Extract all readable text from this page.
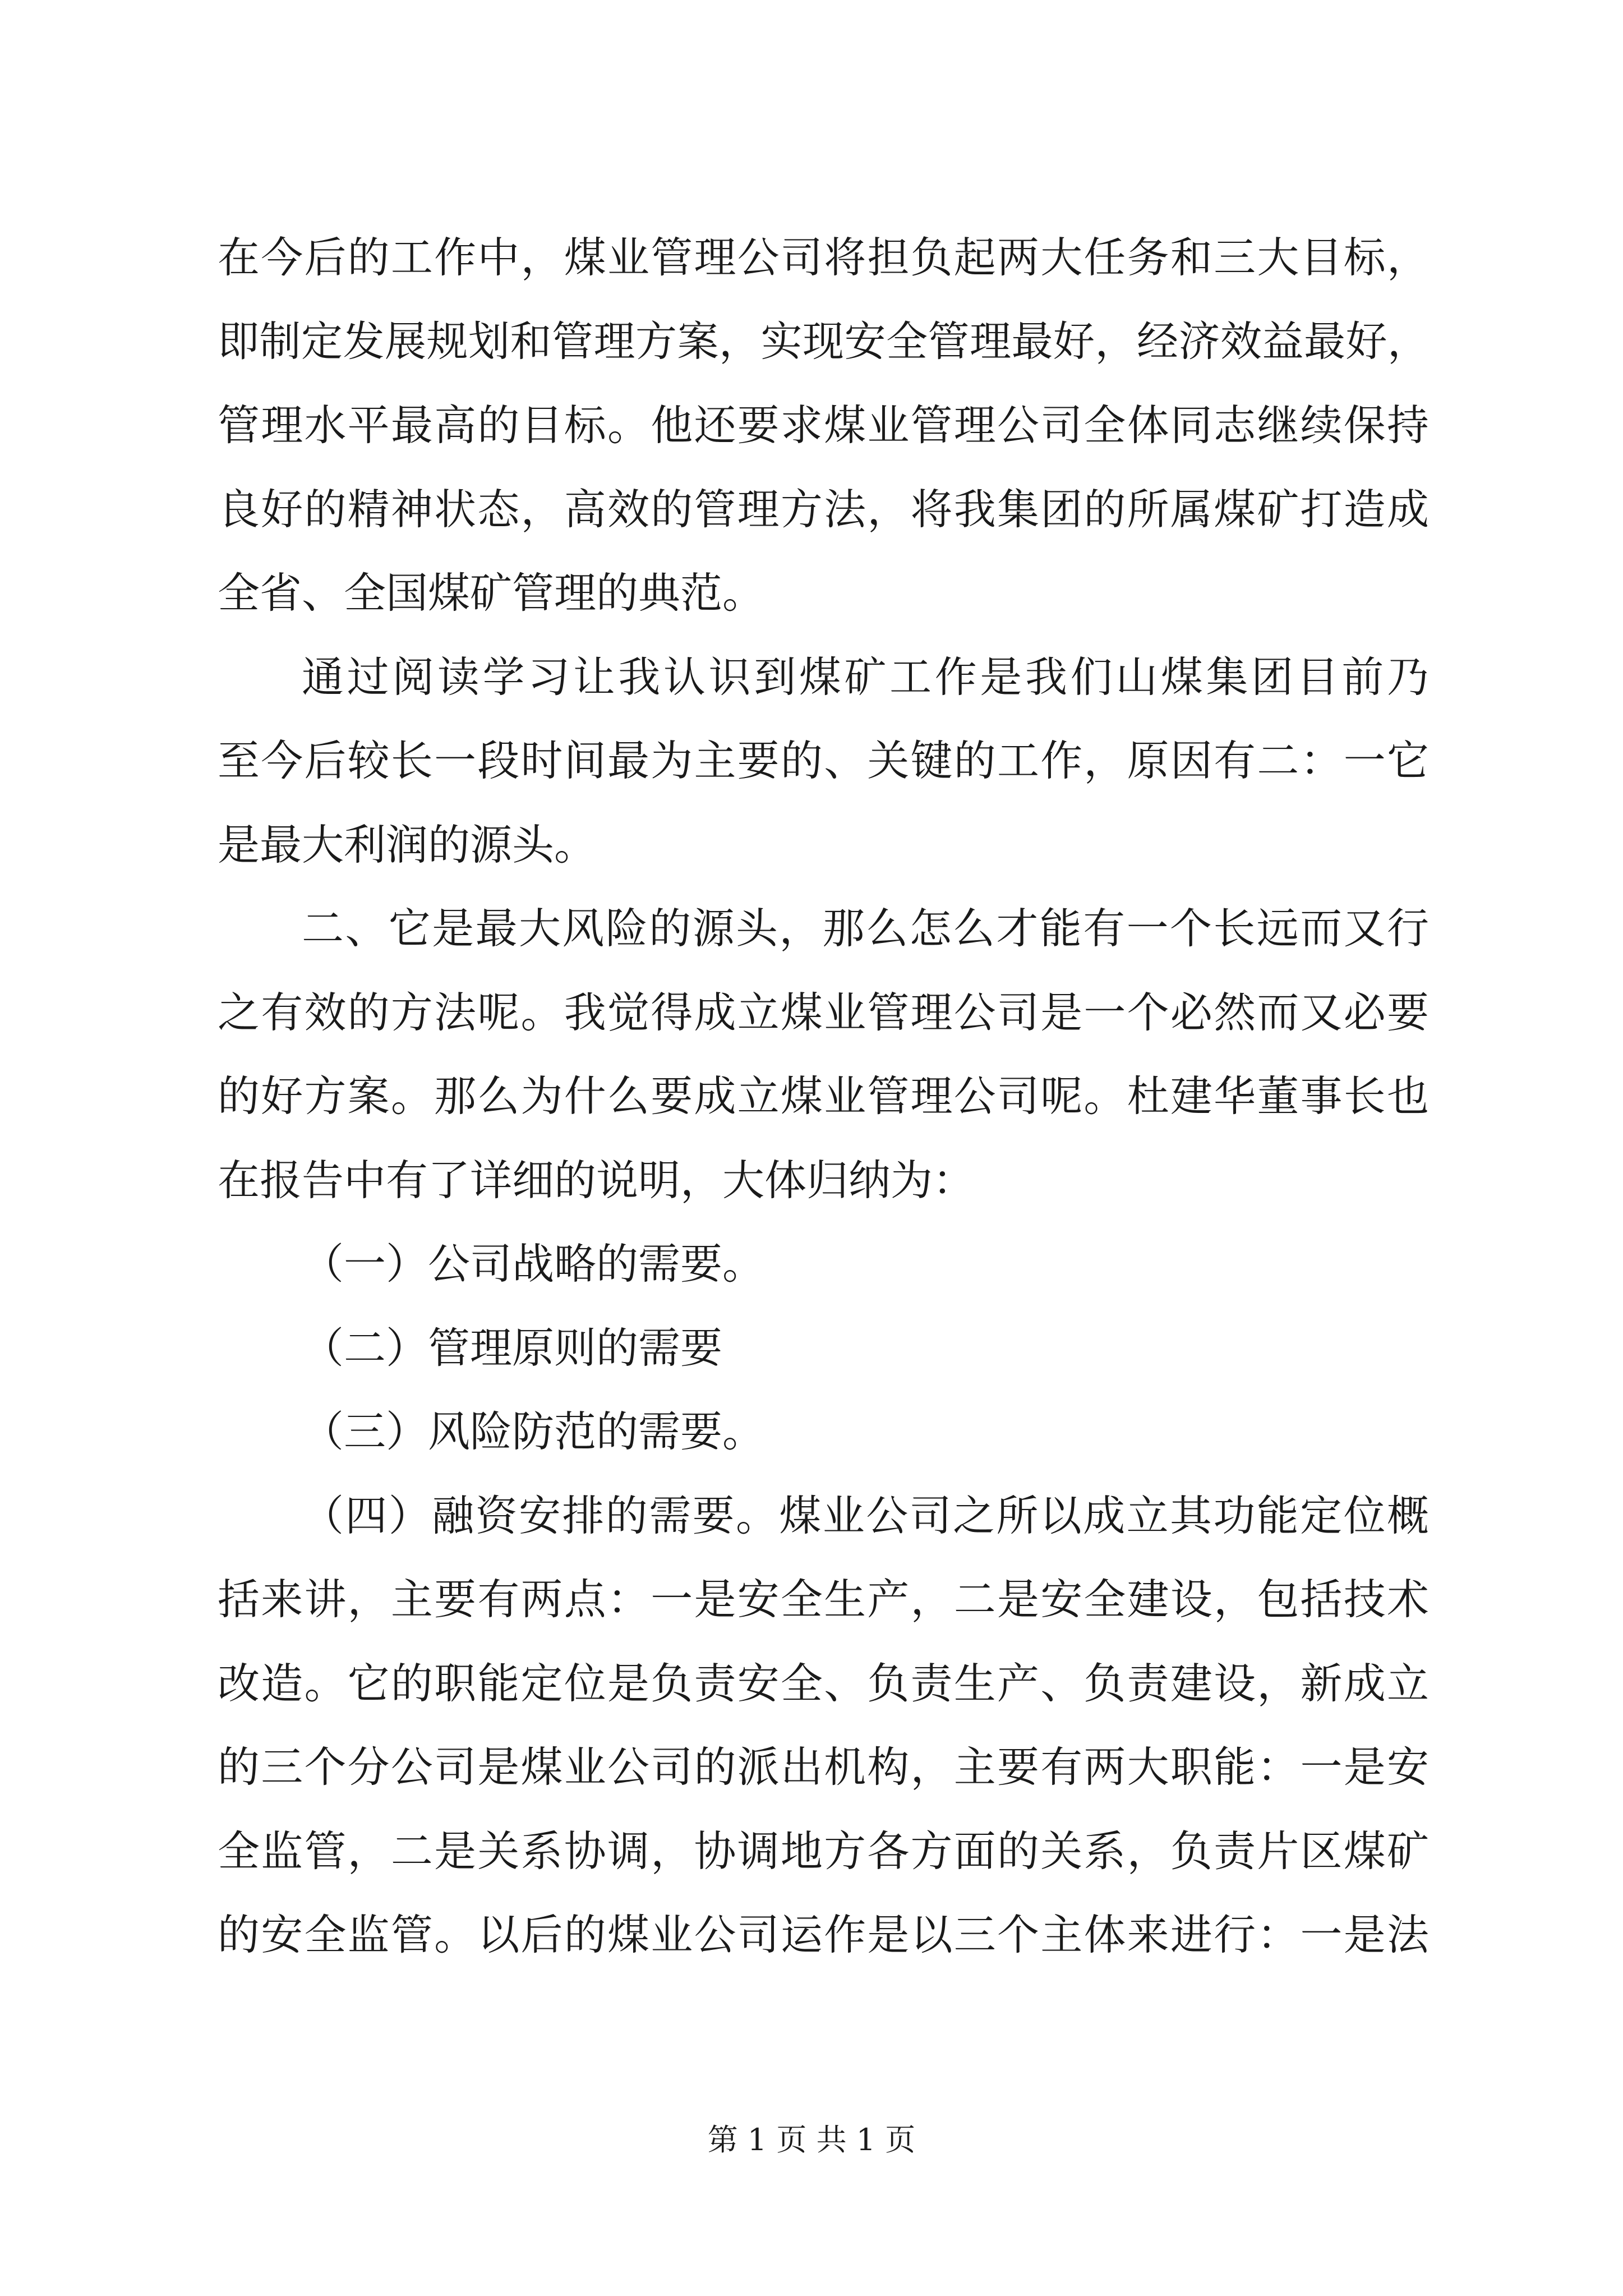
在今后的工作中，煤业管理公司将担负起两大任务和三大目标，
即制定发展规划和管理方案，实现安全管理最好，经济效益最好，
管理水平最高的目标。他还要求煤业管理公司全体同志继续保持
良好的精神状态，高效的管理方法，将我集团的所属煤矿打造成
全省、全国煤矿管理的典范。
通过阅读学习让我认识到煤矿工作是我们山煤集团目前乃
至今后较长一段时间最为主要的、关键的工作，原因有二：一它
是最大利润的源头。
二、它是最大风险的源头，那么怎么才能有一个长远而又行
之有效的方法呢。我觉得成立煤业管理公司是一个必然而又必要
的好方案。那么为什么要成立煤业管理公司呢。杜建华董事长也
在报告中有了详细的说明，大体归纳为：
（一）公司战略的需要。
（二）管理原则的需要
（三）风险防范的需要。
（四）融资安排的需要。煤业公司之所以成立其功能定位概
括来讲，主要有两点：一是安全生产，二是安全建设，包括技术
改造。它的职能定位是负责安全、负责生产、负责建设，新成立
的三个分公司是煤业公司的派出机构，主要有两大职能：一是安
全监管，二是关系协调，协调地方各方面的关系，负责片区煤矿
的安全监管。以后的煤业公司运作是以三个主体来进行：一是法
第 1 页 共 1 页
